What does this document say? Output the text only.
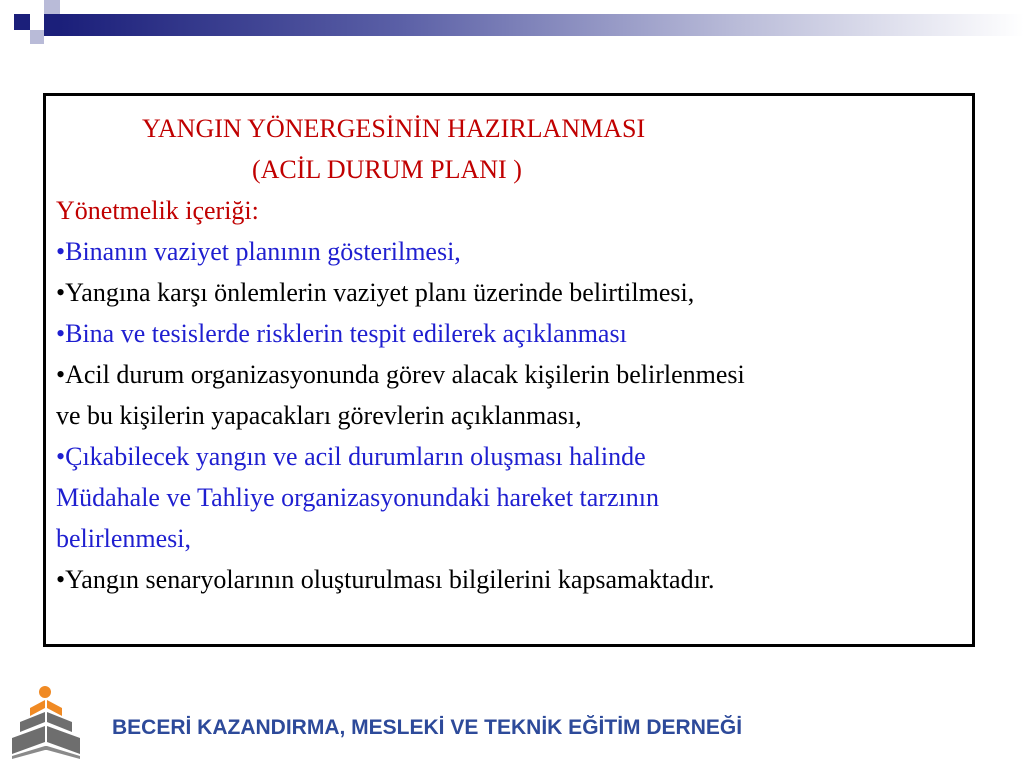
YANGIN YÖNERGESİNİN HAZIRLANMASI
(ACİL DURUM PLANI )
Yönetmelik içeriği:
•Binanın vaziyet planının gösterilmesi,
•Yangına karşı önlemlerin vaziyet planı üzerinde belirtilmesi,
•Bina ve tesislerde risklerin tespit edilerek açıklanması
•Acil durum organizasyonunda görev alacak kişilerin belirlenmesi
ve bu kişilerin yapacakları görevlerin açıklanması,
•Çıkabilecek yangın ve acil durumların oluşması halinde
Müdahale ve Tahliye organizasyonundaki hareket tarzının
belirlenmesi,
•Yangın senaryolarının oluşturulması bilgilerini kapsamaktadır.
BECERİ KAZANDIRMA, MESLEKİ VE TEKNİK EĞİTİM DERNEĞİ
